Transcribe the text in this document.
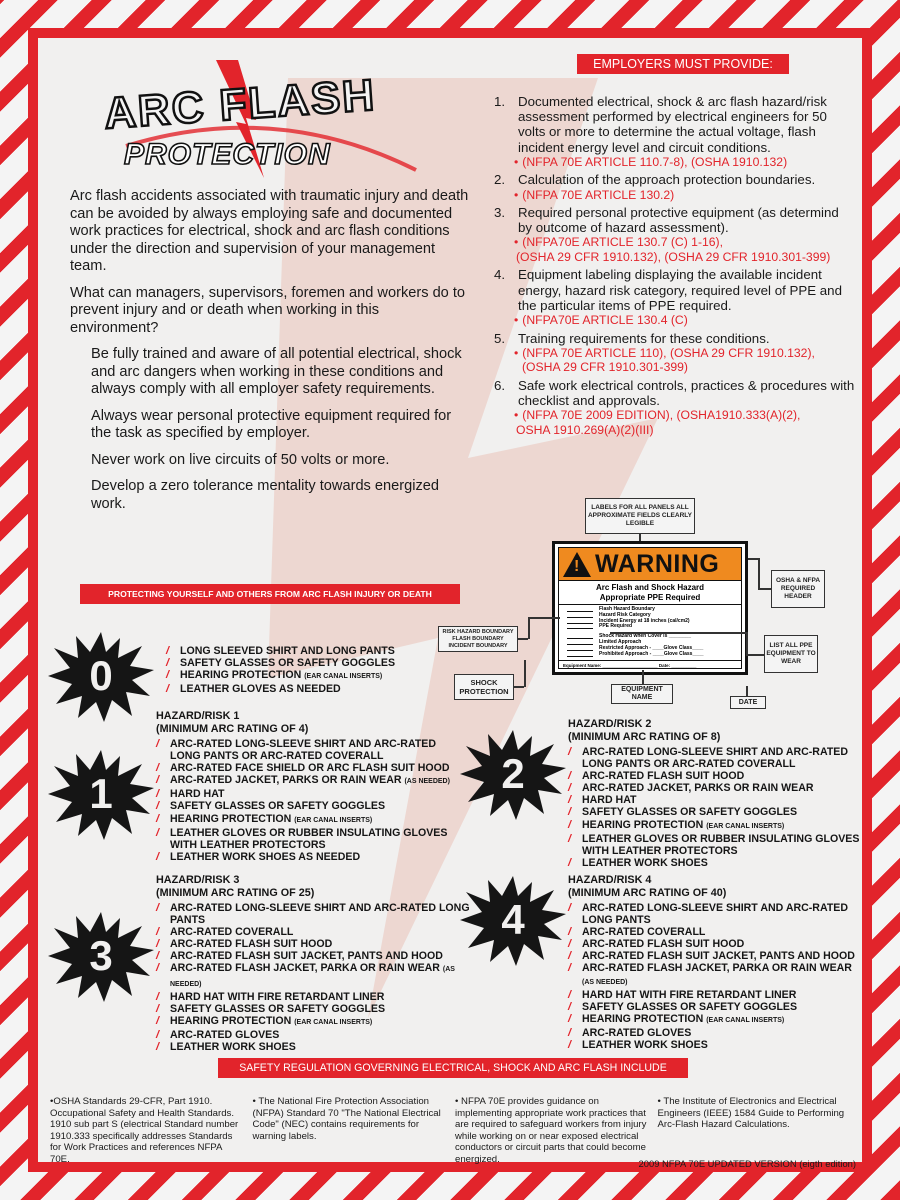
ARC FLASH
PROTECTION

Arc flash accidents associated with traumatic injury and death can be avoided by always employing safe and documented work practices for electrical, shock and arc flash conditions under the direction and supervision of your management team.

What can managers, supervisors, foremen and workers do to prevent injury and or death when working in this environment?

Be fully trained and aware of all potential electrical, shock and arc dangers when working in these conditions and always comply with all employer safety requirements.

Always wear personal protective equipment required for the task as specified by employer.

Never work on live circuits of 50 volts or more.

Develop a zero tolerance mentality towards energized work.

EMPLOYERS MUST PROVIDE:
1. Documented electrical, shock & arc flash hazard/risk assessment performed by electrical engineers for 50 volts or more to determine the actual voltage, flash incident energy level and circuit conditions.
• (NFPA 70E ARTICLE 110.7-8), (OSHA 1910.132)
2. Calculation of the approach protection boundaries.
• (NFPA 70E ARTICLE 130.2)
3. Required personal protective equipment (as determind by outcome of hazard assessment).
• (NFPA70E ARTICLE 130.7 (C) 1-16),
(OSHA 29 CFR 1910.132), (OSHA 29 CFR 1910.301-399)
4. Equipment labeling displaying the available incident energy, hazard risk category, required level of PPE and the particular items of PPE required.
• (NFPA70E ARTICLE 130.4 (C)
5. Training requirements for these conditions.
• (NFPA 70E ARTICLE 110), (OSHA 29 CFR 1910.132),
(OSHA 29 CFR 1910.301-399)
6. Safe work electrical controls, practices & procedures with checklist and approvals.
• (NFPA 70E 2009 EDITION), (OSHA1910.333(A)(2),
OSHA 1910.269(A)(2)(III)
LABELS FOR ALL PANELS ALL APPROXIMATE FIELDS CLEARLY LEGIBLE
!
WARNING
Arc Flash and Shock Hazard
Appropriate PPE Required
Flash Hazard Boundary
Hazard Risk Category
Incident Energy at 18 inches (cal/cm2)
PPE Required
Shock Hazard when Cover is ________
Limited Approach
Restricted Approach - ____Glove Class____
Prohibited Approach - ____Glove Class____
Equipment Name: ______________________ Date: __________
OSHA & NFPA REQUIRED HEADER
RISK HAZARD BOUNDARY FLASH BOUNDARY INCIDENT BOUNDARY	LIST ALL PPE EQUIPMENT TO WEAR
SHOCK PROTECTION	EQUIPMENT NAME
DATE
PROTECTING YOURSELF AND OTHERS FROM ARC FLASH INJURY OR DEATH
0
/ LONG SLEEVED SHIRT AND LONG PANTS
/ SAFETY GLASSES OR SAFETY GOGGLES
/ HEARING PROTECTION (EAR CANAL INSERTS)
/ LEATHER GLOVES AS NEEDED
1
HAZARD/RISK 1
(MINIMUM ARC RATING OF 4)
/ ARC-RATED LONG-SLEEVE SHIRT AND ARC-RATED LONG PANTS OR ARC-RATED COVERALL
/ ARC-RATED FACE SHIELD OR ARC FLASH SUIT HOOD
/ ARC-RATED JACKET, PARKS OR RAIN WEAR (AS NEEDED)
/ HARD HAT
/ SAFETY GLASSES OR SAFETY GOGGLES
/ HEARING PROTECTION (EAR CANAL INSERTS)
/ LEATHER GLOVES OR RUBBER INSULATING GLOVES WITH LEATHER PROTECTORS
/ LEATHER WORK SHOES AS NEEDED
2
HAZARD/RISK 2
(MINIMUM ARC RATING OF 8)
/ ARC-RATED LONG-SLEEVE SHIRT AND ARC-RATED LONG PANTS OR ARC-RATED COVERALL
/ ARC-RATED FLASH SUIT HOOD
/ ARC-RATED JACKET, PARKS OR RAIN WEAR
/ HARD HAT
/ SAFETY GLASSES OR SAFETY GOGGLES
/ HEARING PROTECTION (EAR CANAL INSERTS)
/ LEATHER GLOVES OR RUBBER INSULATING GLOVES WITH LEATHER PROTECTORS
/ LEATHER WORK SHOES
3
HAZARD/RISK 3
(MINIMUM ARC RATING OF 25)
/ ARC-RATED LONG-SLEEVE SHIRT AND ARC-RATED LONG PANTS
/ ARC-RATED COVERALL
/ ARC-RATED FLASH SUIT HOOD
/ ARC-RATED FLASH SUIT JACKET, PANTS AND HOOD
/ ARC-RATED FLASH JACKET, PARKA OR RAIN WEAR (AS NEEDED)
/ HARD HAT WITH FIRE RETARDANT LINER
/ SAFETY GLASSES OR SAFETY GOGGLES
/ HEARING PROTECTION (EAR CANAL INSERTS)
/ ARC-RATED GLOVES
/ LEATHER WORK SHOES
4
HAZARD/RISK 4
(MINIMUM ARC RATING OF 40)
/ ARC-RATED LONG-SLEEVE SHIRT AND ARC-RATED LONG PANTS
/ ARC-RATED COVERALL
/ ARC-RATED FLASH SUIT HOOD
/ ARC-RATED FLASH SUIT JACKET, PANTS AND HOOD
/ ARC-RATED FLASH JACKET, PARKA OR RAIN WEAR (AS NEEDED)
/ HARD HAT WITH FIRE RETARDANT LINER
/ SAFETY GLASSES OR SAFETY GOGGLES
/ HEARING PROTECTION (EAR CANAL INSERTS)
/ ARC-RATED GLOVES
/ LEATHER WORK SHOES
SAFETY REGULATION GOVERNING ELECTRICAL, SHOCK AND ARC FLASH INCLUDE
•OSHA Standards 29-CFR, Part 1910. Occupational Safety and Health Standards. 1910 sub part S (electrical Standard number 1910.333 specifically addresses Standards for Work Practices and references NFPA 70E.
• The National Fire Protection Association (NFPA) Standard 70 "The National Electrical Code" (NEC) contains requirements for warning labels.
• NFPA 70E provides guidance on implementing appropriate work practices that are required to safeguard workers from injury while working on or near exposed electrical conductors or circuit parts that could become energized.
• The Institute of Electronics and Electrical Engineers (IEEE) 1584 Guide to Performing Arc-Flash Hazard Calculations.
2009 NFPA 70E UPDATED VERSION (eigth edition)
